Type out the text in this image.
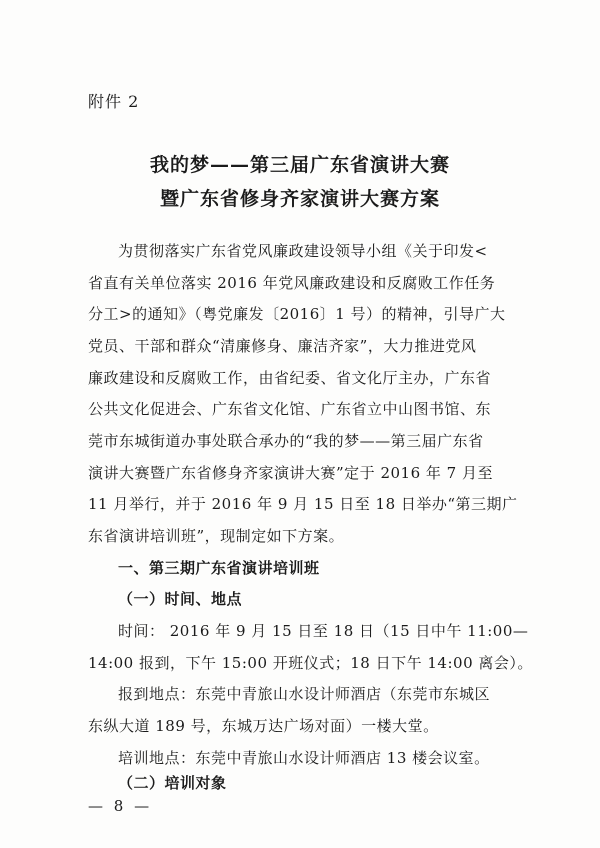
附件 2
我的梦——第三届广东省演讲大赛
暨广东省修身齐家演讲大赛方案
为贯彻落实广东省党风廉政建设领导小组《关于印发<
省直有关单位落实 2016 年党风廉政建设和反腐败工作任务
分工>的通知》（粤党廉发〔2016〕1 号）的精神，引导广大
党员、干部和群众“清廉修身、廉洁齐家”，大力推进党风
廉政建设和反腐败工作，由省纪委、省文化厅主办，广东省
公共文化促进会、广东省文化馆、广东省立中山图书馆、东
莞市东城街道办事处联合承办的“我的梦——第三届广东省
演讲大赛暨广东省修身齐家演讲大赛”定于 2016 年 7 月至
11 月举行，并于 2016 年 9 月 15 日至 18 日举办“第三期广
东省演讲培训班”，现制定如下方案。
一、第三期广东省演讲培训班
（一）时间、地点
时间： 2016 年 9 月 15 日至 18 日（15 日中午 11:00—
14:00 报到，下午 15:00 开班仪式；18 日下午 14:00 离会）。
报到地点：东莞中青旅山水设计师酒店（东莞市东城区
东纵大道 189 号，东城万达广场对面）一楼大堂。
培训地点：东莞中青旅山水设计师酒店 13 楼会议室。
（二）培训对象
— 8 —
